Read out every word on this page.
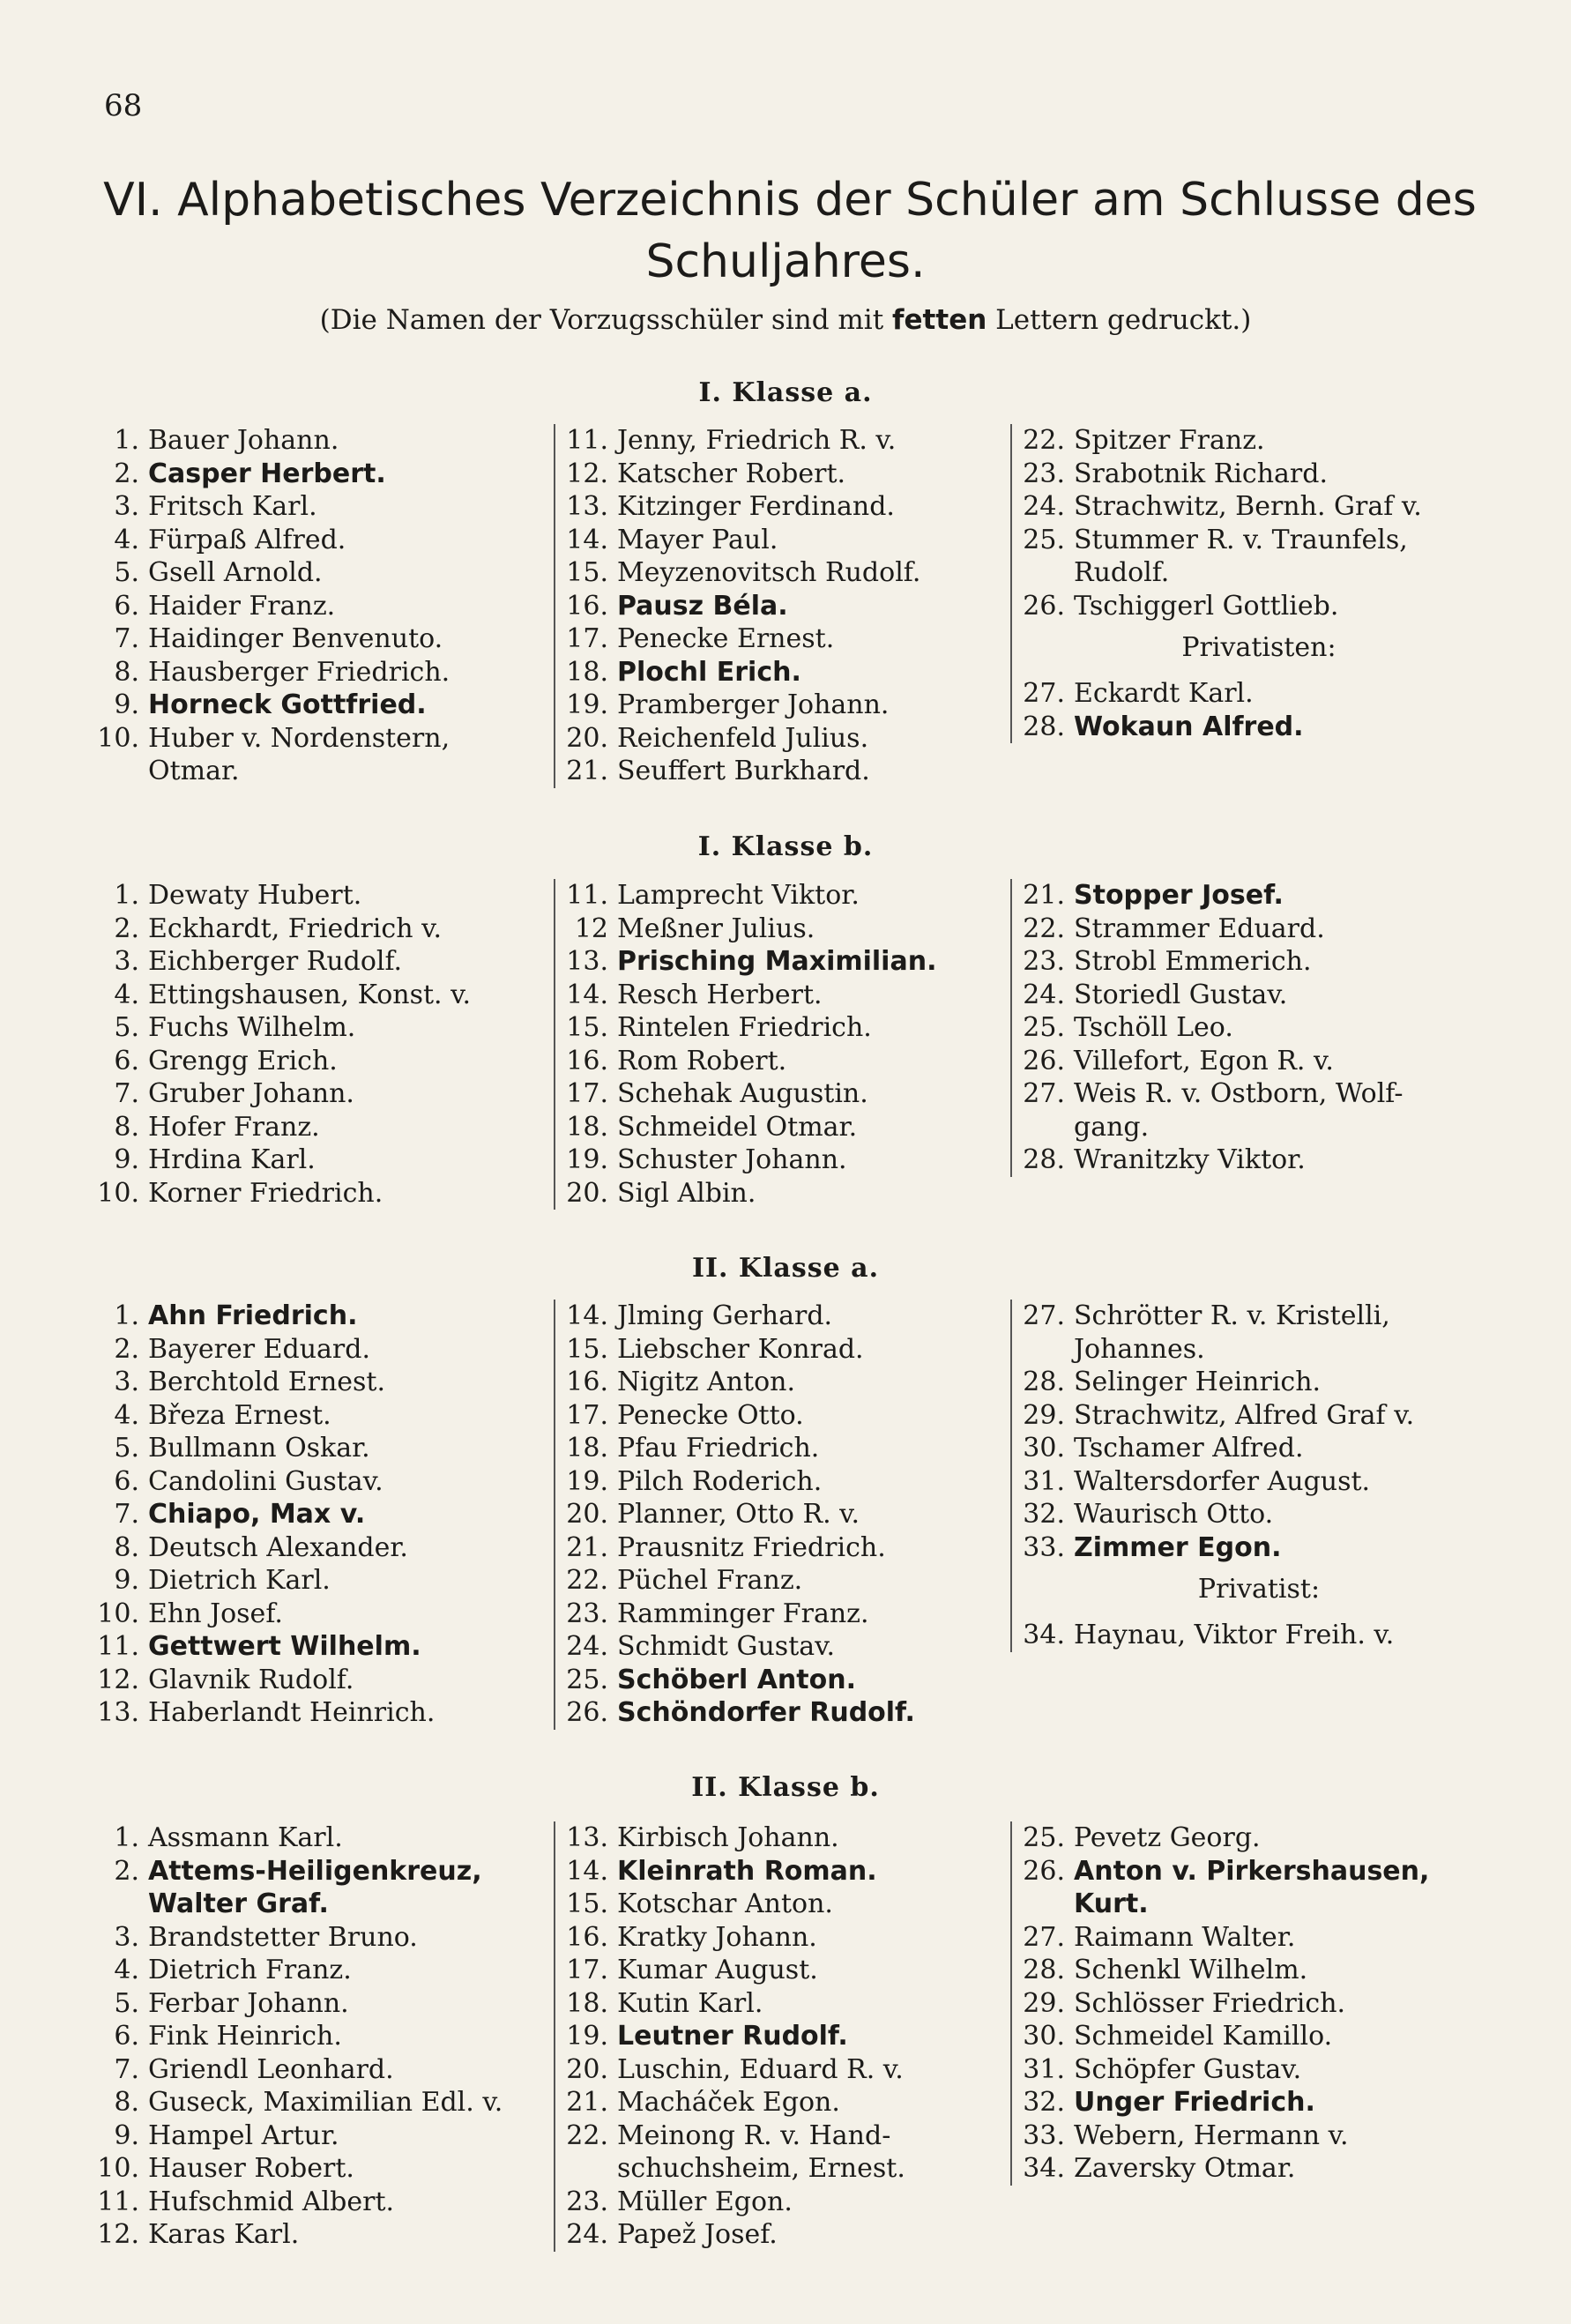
68
VI. Alphabetisches Verzeichnis der Schüler am Schlusse des
Schuljahres.
(Die Namen der Vorzugsschüler sind mit fetten Lettern gedruckt.)
I. Klasse a.
1. Bauer Johann.
2. Casper Herbert.
3. Fritsch Karl.
4. Fürpaß Alfred.
5. Gsell Arnold.
6. Haider Franz.
7. Haidinger Benvenuto.
8. Hausberger Friedrich.
9. Horneck Gottfried.
10. Huber v. Nordenstern,
Otmar.
11. Jenny, Friedrich R. v.
12. Katscher Robert.
13. Kitzinger Ferdinand.
14. Mayer Paul.
15. Meyzenovitsch Rudolf.
16. Pausz Béla.
17. Penecke Ernest.
18. Plochl Erich.
19. Pramberger Johann.
20. Reichenfeld Julius.
21. Seuffert Burkhard.
22. Spitzer Franz.
23. Srabotnik Richard.
24. Strachwitz, Bernh. Graf v.
25. Stummer R. v. Traunfels,
Rudolf.
26. Tschiggerl Gottlieb.
Privatisten:
27. Eckardt Karl.
28. Wokaun Alfred.
I. Klasse b.
1. Dewaty Hubert.
2. Eckhardt, Friedrich v.
3. Eichberger Rudolf.
4. Ettingshausen, Konst. v.
5. Fuchs Wilhelm.
6. Grengg Erich.
7. Gruber Johann.
8. Hofer Franz.
9. Hrdina Karl.
10. Korner Friedrich.
11. Lamprecht Viktor.
12 Meßner Julius.
13. Prisching Maximilian.
14. Resch Herbert.
15. Rintelen Friedrich.
16. Rom Robert.
17. Schehak Augustin.
18. Schmeidel Otmar.
19. Schuster Johann.
20. Sigl Albin.
21. Stopper Josef.
22. Strammer Eduard.
23. Strobl Emmerich.
24. Storiedl Gustav.
25. Tschöll Leo.
26. Villefort, Egon R. v.
27. Weis R. v. Ostborn, Wolf-
gang.
28. Wranitzky Viktor.
II. Klasse a.
1. Ahn Friedrich.
2. Bayerer Eduard.
3. Berchtold Ernest.
4. Březa Ernest.
5. Bullmann Oskar.
6. Candolini Gustav.
7. Chiapo, Max v.
8. Deutsch Alexander.
9. Dietrich Karl.
10. Ehn Josef.
11. Gettwert Wilhelm.
12. Glavnik Rudolf.
13. Haberlandt Heinrich.
14. Jlming Gerhard.
15. Liebscher Konrad.
16. Nigitz Anton.
17. Penecke Otto.
18. Pfau Friedrich.
19. Pilch Roderich.
20. Planner, Otto R. v.
21. Prausnitz Friedrich.
22. Püchel Franz.
23. Ramminger Franz.
24. Schmidt Gustav.
25. Schöberl Anton.
26. Schöndorfer Rudolf.
27. Schrötter R. v. Kristelli,
Johannes.
28. Selinger Heinrich.
29. Strachwitz, Alfred Graf v.
30. Tschamer Alfred.
31. Waltersdorfer August.
32. Waurisch Otto.
33. Zimmer Egon.
Privatist:
34. Haynau, Viktor Freih. v.
II. Klasse b.
1. Assmann Karl.
2. Attems-Heiligenkreuz,
Walter Graf.
3. Brandstetter Bruno.
4. Dietrich Franz.
5. Ferbar Johann.
6. Fink Heinrich.
7. Griendl Leonhard.
8. Guseck, Maximilian Edl. v.
9. Hampel Artur.
10. Hauser Robert.
11. Hufschmid Albert.
12. Karas Karl.
13. Kirbisch Johann.
14. Kleinrath Roman.
15. Kotschar Anton.
16. Kratky Johann.
17. Kumar August.
18. Kutin Karl.
19. Leutner Rudolf.
20. Luschin, Eduard R. v.
21. Macháček Egon.
22. Meinong R. v. Hand-
schuchsheim, Ernest.
23. Müller Egon.
24. Papež Josef.
25. Pevetz Georg.
26. Anton v. Pirkershausen,
Kurt.
27. Raimann Walter.
28. Schenkl Wilhelm.
29. Schlösser Friedrich.
30. Schmeidel Kamillo.
31. Schöpfer Gustav.
32. Unger Friedrich.
33. Webern, Hermann v.
34. Zaversky Otmar.
